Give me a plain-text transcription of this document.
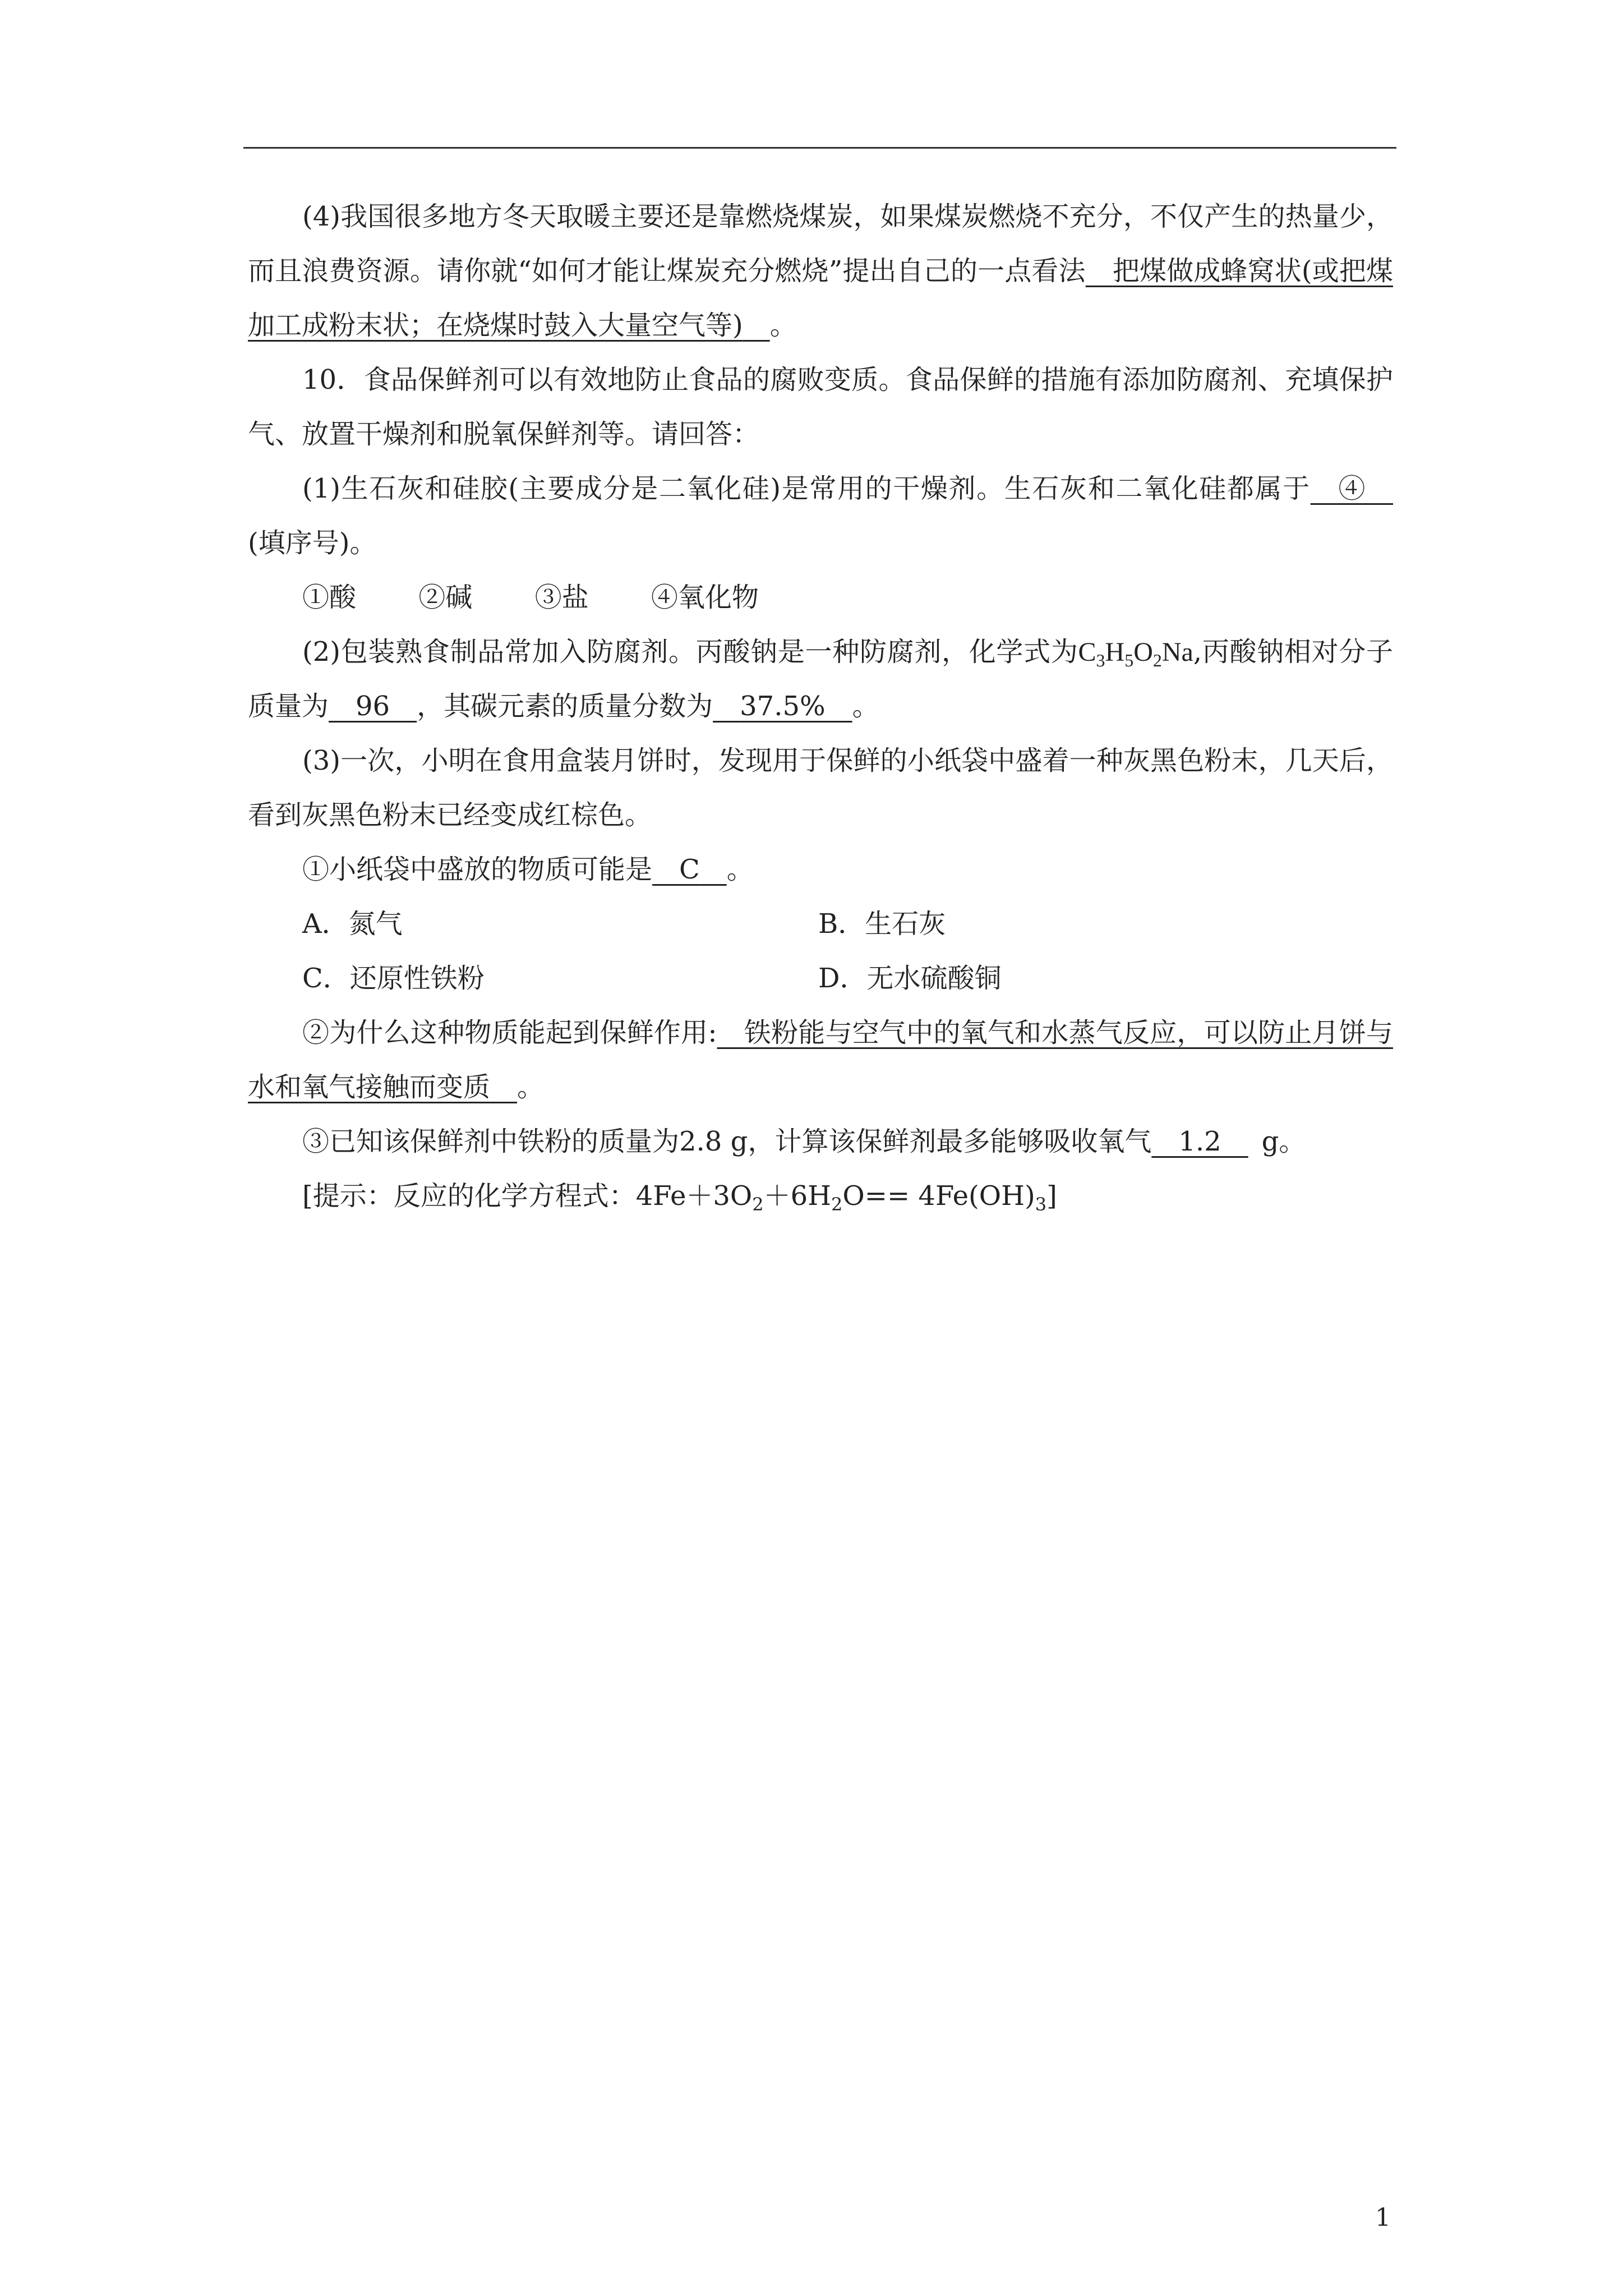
(4)我国很多地方冬天取暖主要还是靠燃烧煤炭，如果煤炭燃烧不充分，不仅产生的热量少，而且浪费资源。请你就“如何才能让煤炭充分燃烧”提出自己的一点看法   把煤做成蜂窝状(或把煤加工成粉末状；在烧煤时鼓入大量空气等)   。

10．食品保鲜剂可以有效地防止食品的腐败变质。食品保鲜的措施有添加防腐剂、充填保护气、放置干燥剂和脱氧保鲜剂等。请回答：

(1)生石灰和硅胶(主要成分是二氧化硅)是常用的干燥剂。生石灰和二氧化硅都属于   ④  (填序号)。

①酸 ②碱 ③盐 ④氧化物

(2)包装熟食制品常加入防腐剂。丙酸钠是一种防腐剂，化学式为$C_3H_5O_2Na$,丙酸钠相对分子质量为   96   ，其碳元素的质量分数为   37.5%   。

(3)一次，小明在食用盒装月饼时，发现用于保鲜的小纸袋中盛着一种灰黑色粉末，几天后，看到灰黑色粉末已经变成红棕色。

①小纸袋中盛放的物质可能是   C   。

A．氮气	B．生石灰
C．还原性铁粉	D．无水硫酸铜

②为什么这种物质能起到保鲜作用:   铁粉能与空气中的氧气和水蒸气反应，可以防止月饼与水和氧气接触而变质   。

③已知该保鲜剂中铁粉的质量为2.8 g，计算该保鲜剂最多能够吸收氧气   1.2    g。

[提示：反应的化学方程式：$4Fe+3O_2+6H_2O== 4Fe(OH)_3$]

1
